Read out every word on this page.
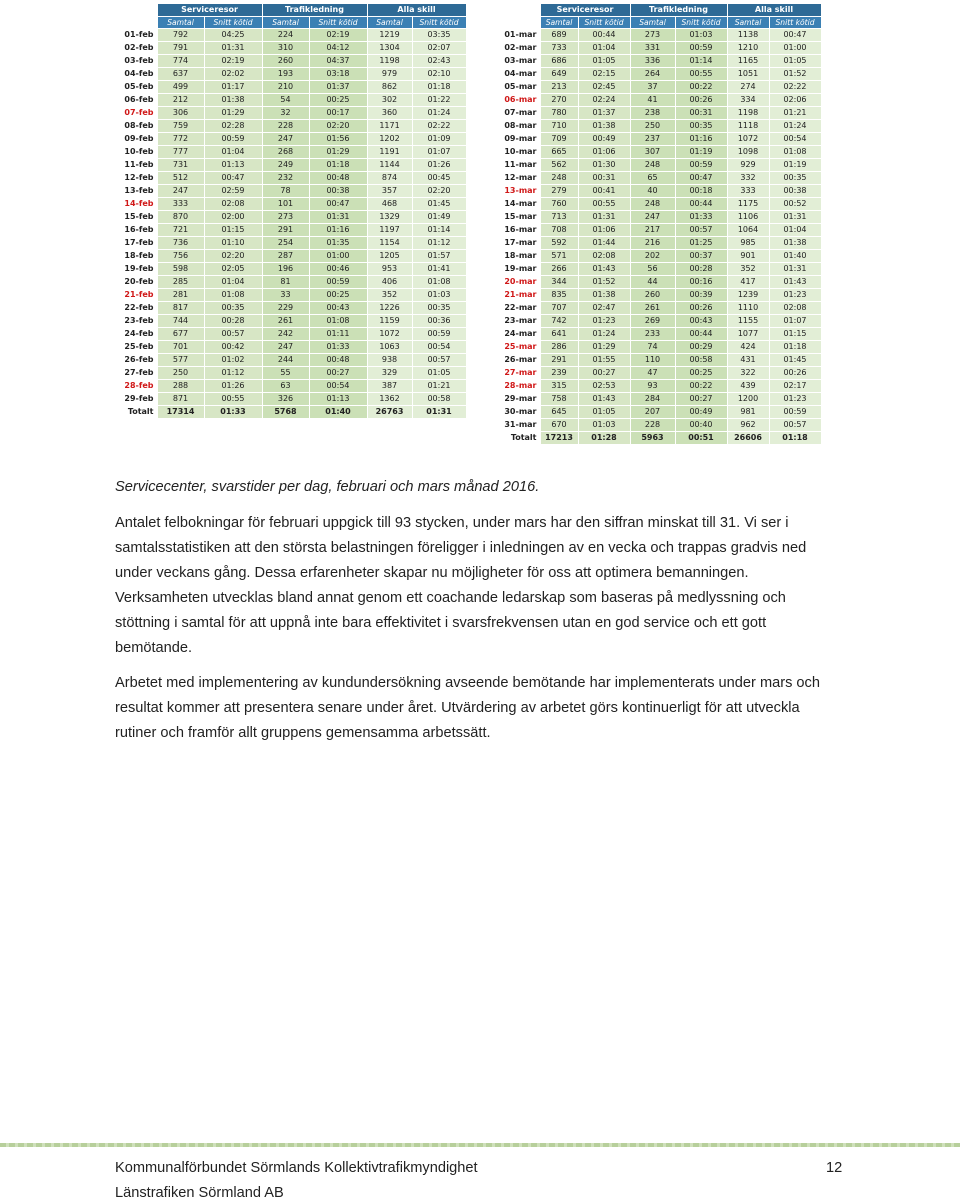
	Serviceresor		Trafikledning		Alla skill	
	Samtal	Snitt kötid	Samtal	Snitt kötid	Samtal	Snitt kötid
01-feb	792	04:25	224	02:19	1219	03:35
02-feb	791	01:31	310	04:12	1304	02:07
03-feb	774	02:19	260	04:37	1198	02:43
04-feb	637	02:02	193	03:18	979	02:10
05-feb	499	01:17	210	01:37	862	01:18
06-feb	212	01:38	54	00:25	302	01:22
07-feb	306	01:29	32	00:17	360	01:24
08-feb	759	02:28	228	02:20	1171	02:22
09-feb	772	00:59	247	01:56	1202	01:09
10-feb	777	01:04	268	01:29	1191	01:07
11-feb	731	01:13	249	01:18	1144	01:26
12-feb	512	00:47	232	00:48	874	00:45
13-feb	247	02:59	78	00:38	357	02:20
14-feb	333	02:08	101	00:47	468	01:45
15-feb	870	02:00	273	01:31	1329	01:49
16-feb	721	01:15	291	01:16	1197	01:14
17-feb	736	01:10	254	01:35	1154	01:12
18-feb	756	02:20	287	01:00	1205	01:57
19-feb	598	02:05	196	00:46	953	01:41
20-feb	285	01:04	81	00:59	406	01:08
21-feb	281	01:08	33	00:25	352	01:03
22-feb	817	00:35	229	00:43	1226	00:35
23-feb	744	00:28	261	01:08	1159	00:36
24-feb	677	00:57	242	01:11	1072	00:59
25-feb	701	00:42	247	01:33	1063	00:54
26-feb	577	01:02	244	00:48	938	00:57
27-feb	250	01:12	55	00:27	329	01:05
28-feb	288	01:26	63	00:54	387	01:21
29-feb	871	00:55	326	01:13	1362	00:58
Totalt	17314	01:33	5768	01:40	26763	01:31
	Serviceresor		Trafikledning		Alla skill	
	Samtal	Snitt kötid	Samtal	Snitt kötid	Samtal	Snitt kötid
01-mar	689	00:44	273	01:03	1138	00:47
02-mar	733	01:04	331	00:59	1210	01:00
03-mar	686	01:05	336	01:14	1165	01:05
04-mar	649	02:15	264	00:55	1051	01:52
05-mar	213	02:45	37	00:22	274	02:22
06-mar	270	02:24	41	00:26	334	02:06
07-mar	780	01:37	238	00:31	1198	01:21
08-mar	710	01:38	250	00:35	1118	01:24
09-mar	709	00:49	237	01:16	1072	00:54
10-mar	665	01:06	307	01:19	1098	01:08
11-mar	562	01:30	248	00:59	929	01:19
12-mar	248	00:31	65	00:47	332	00:35
13-mar	279	00:41	40	00:18	333	00:38
14-mar	760	00:55	248	00:44	1175	00:52
15-mar	713	01:31	247	01:33	1106	01:31
16-mar	708	01:06	217	00:57	1064	01:04
17-mar	592	01:44	216	01:25	985	01:38
18-mar	571	02:08	202	00:37	901	01:40
19-mar	266	01:43	56	00:28	352	01:31
20-mar	344	01:52	44	00:16	417	01:43
21-mar	835	01:38	260	00:39	1239	01:23
22-mar	707	02:47	261	00:26	1110	02:08
23-mar	742	01:23	269	00:43	1155	01:07
24-mar	641	01:24	233	00:44	1077	01:15
25-mar	286	01:29	74	00:29	424	01:18
26-mar	291	01:55	110	00:58	431	01:45
27-mar	239	00:27	47	00:25	322	00:26
28-mar	315	02:53	93	00:22	439	02:17
29-mar	758	01:43	284	00:27	1200	01:23
30-mar	645	01:05	207	00:49	981	00:59
31-mar	670	01:03	228	00:40	962	00:57
Totalt	17213	01:28	5963	00:51	26606	01:18
Servicecenter, svarstider per dag, februari och mars månad 2016.

Antalet felbokningar för februari uppgick till 93 stycken, under mars har den siffran minskat till 31. Vi ser i samtalsstatistiken att den största belastningen föreligger i inledningen av en vecka och trappas gradvis ned under veckans gång. Dessa erfarenheter skapar nu möjligheter för oss att optimera bemanningen. Verksamheten utvecklas bland annat genom ett coachande ledarskap som baseras på medlyssning och stöttning i samtal för att uppnå inte bara effektivitet i svarsfrekvensen utan en god service och ett gott bemötande.

Arbetet med implementering av kundundersökning avseende bemötande har implementerats under mars och resultat kommer att presentera senare under året. Utvärdering av arbetet görs kontinuerligt för att utveckla rutiner och framför allt gruppens gemensamma arbetssätt.

Kommunalförbundet Sörmlands Kollektivtrafikmyndighet
Länstrafiken Sörmland AB
12
